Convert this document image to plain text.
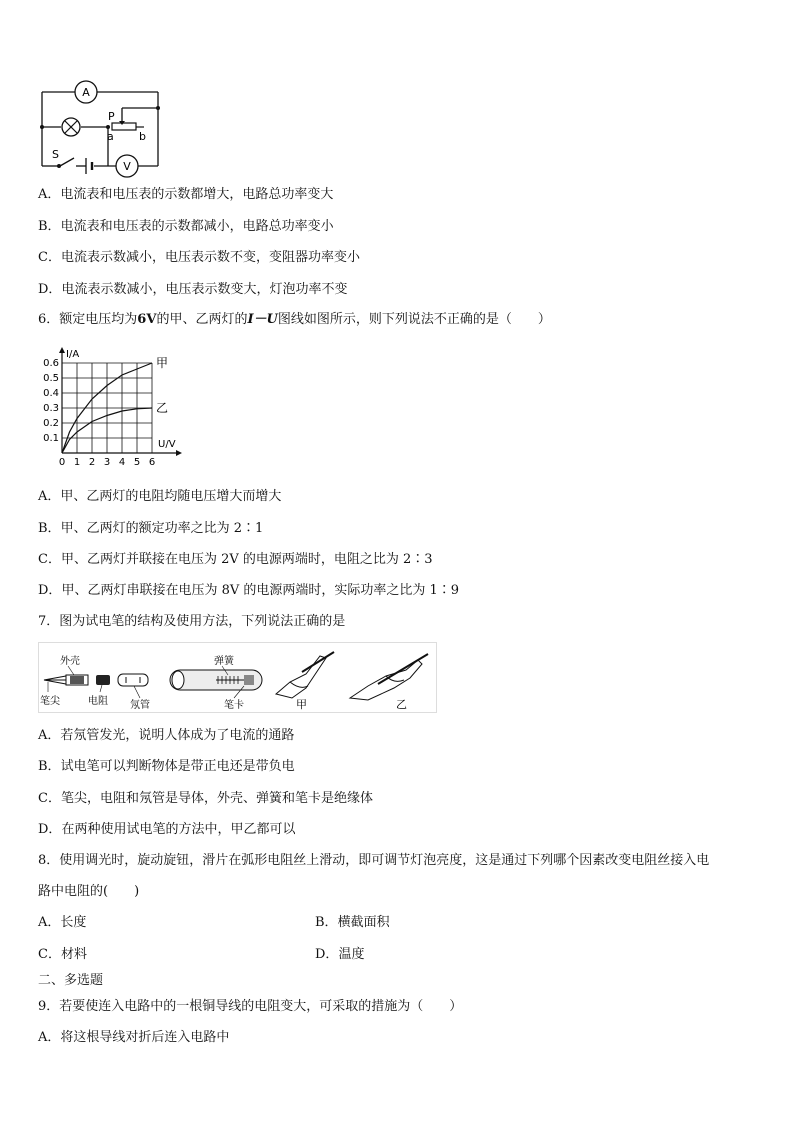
A
P
a b
V
S
A．电流表和电压表的示数都增大，电路总功率变大
B．电流表和电压表的示数都减小，电路总功率变小
C．电流表示数减小，电压表示数不变，变阻器功率变小
D．电流表示数减小，电压表示数变大，灯泡功率不变
6．额定电压均为6V的甲、乙两灯的I－U图线如图所示，则下列说法不正确的是（　　）
0 1 2 3 4 5 6
0.1
0.2
0.3
0.4
0.5
0.6
I/A
U/V
甲
乙
A．甲、乙两灯的电阻均随电压增大而增大
B．甲、乙两灯的额定功率之比为 2∶1
C．甲、乙两灯并联接在电压为 2V 的电源两端时，电阻之比为 2∶3
D．甲、乙两灯串联接在电压为 8V 的电源两端时，实际功率之比为 1∶9
7．图为试电笔的结构及使用方法，下列说法正确的是
外壳	弹簧
笔尖	电阻 氖管	笔卡	甲	乙
A．若氖管发光，说明人体成为了电流的通路
B．试电笔可以判断物体是带正电还是带负电
C．笔尖，电阻和氖管是导体，外壳、弹簧和笔卡是绝缘体
D．在两种使用试电笔的方法中，甲乙都可以
8．使用调光时，旋动旋钮，滑片在弧形电阻丝上滑动，即可调节灯泡亮度，这是通过下列哪个因素改变电阻丝接入电
路中电阻的(　　)
A．长度	B．横截面积
C．材料	D．温度
二、多选题
9．若要使连入电路中的一根铜导线的电阻变大，可采取的措施为（　　）
A．将这根导线对折后连入电路中
